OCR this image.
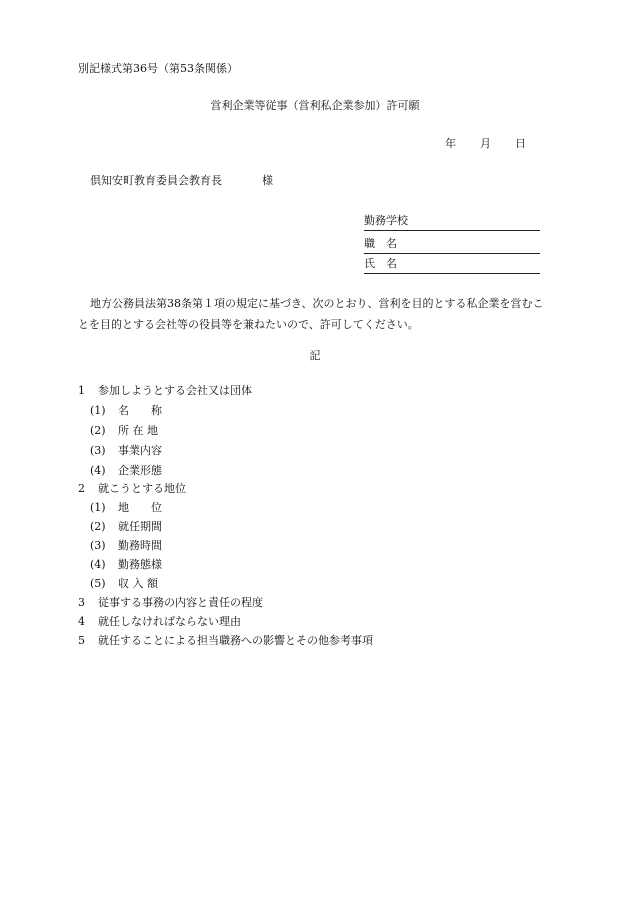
別記様式第36号（第53条関係）
営利企業等従事（営利私企業参加）許可願
年 月 日
倶知安町教育委員会教育長	様
勤務学校
職　名
氏　名
地方公務員法第38条第１項の規定に基づき、次のとおり、営利を目的とする私企業を営むことを目的とする会社等の役員等を兼ねたいので、許可してください。
記
1 参加しようとする会社又は団体
(1) 名　　称
(2) 所 在 地
(3) 事業内容
(4) 企業形態
2 就こうとする地位
(1) 地　　位
(2) 就任期間
(3) 勤務時間
(4) 勤務態様
(5) 収 入 額
3 従事する事務の内容と責任の程度
4 就任しなければならない理由
5 就任することによる担当職務への影響とその他参考事項
